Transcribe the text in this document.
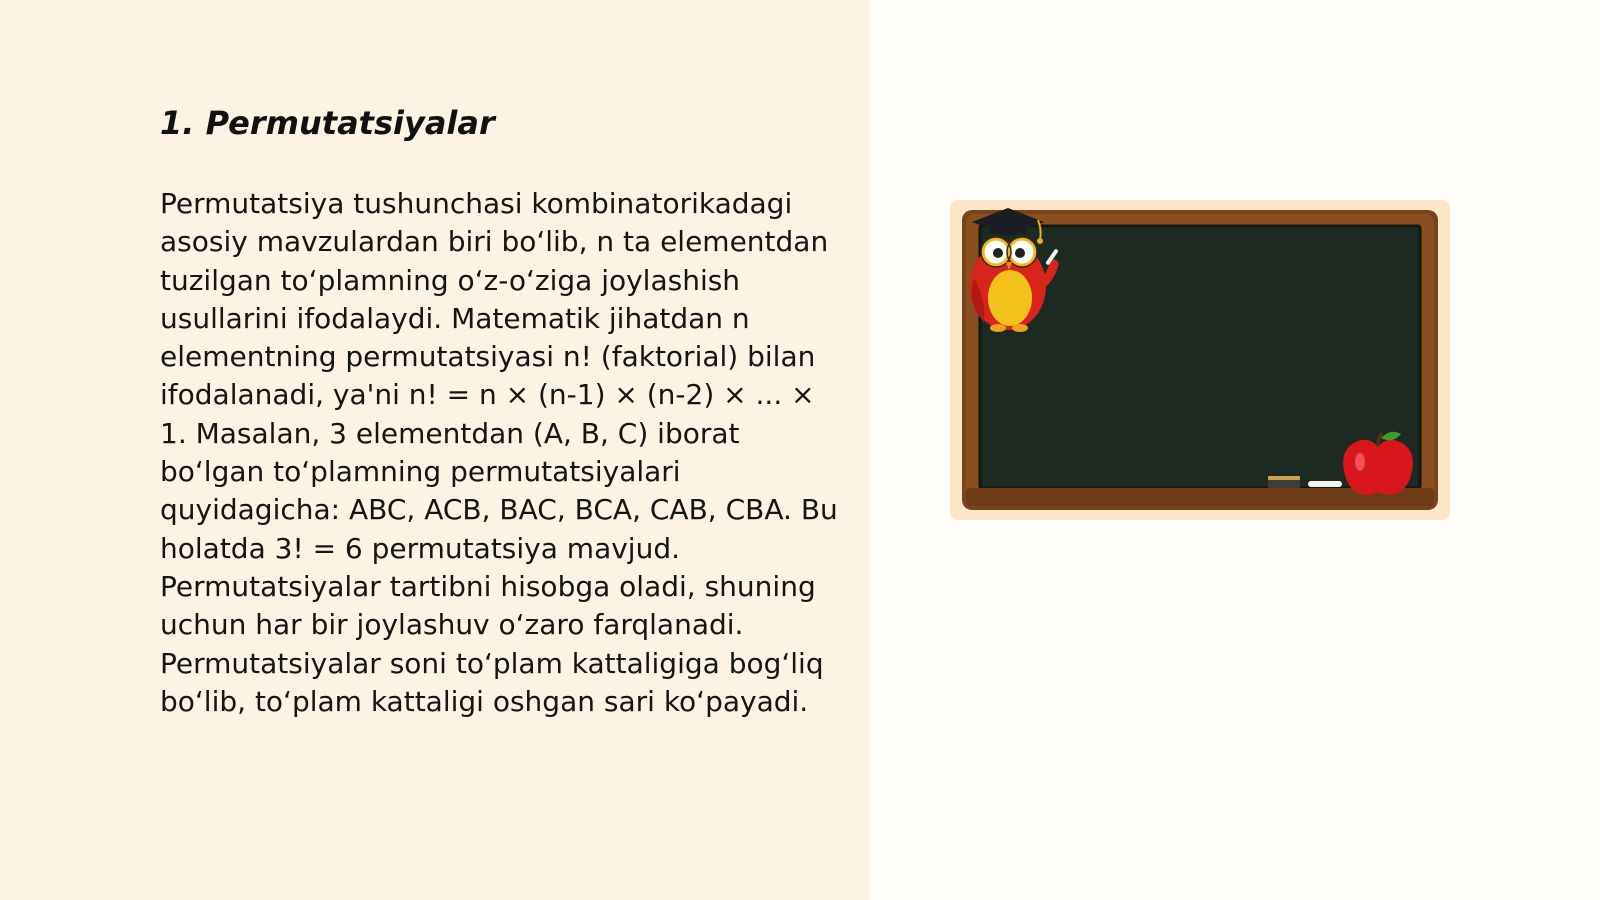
1. Permutatsiyalar

Permutatsiya tushunchasi kombinatorikadagi asosiy mavzulardan biri bo‘lib, n ta elementdan tuzilgan to‘plamning o‘z-o‘ziga joylashish usullarini ifodalaydi. Matematik jihatdan n elementning permutatsiyasi n! (faktorial) bilan ifodalanadi, ya'ni n! = n × (n-1) × (n-2) × ... × 1. Masalan, 3 elementdan (A, B, C) iborat bo‘lgan to‘plamning permutatsiyalari quyidagicha: ABC, ACB, BAC, BCA, CAB, CBA. Bu holatda 3! = 6 permutatsiya mavjud. Permutatsiyalar tartibni hisobga oladi, shuning uchun har bir joylashuv o‘zaro farqlanadi. Permutatsiyalar soni to‘plam kattaligiga bog‘liq bo‘lib, to‘plam kattaligi oshgan sari ko‘payadi.
